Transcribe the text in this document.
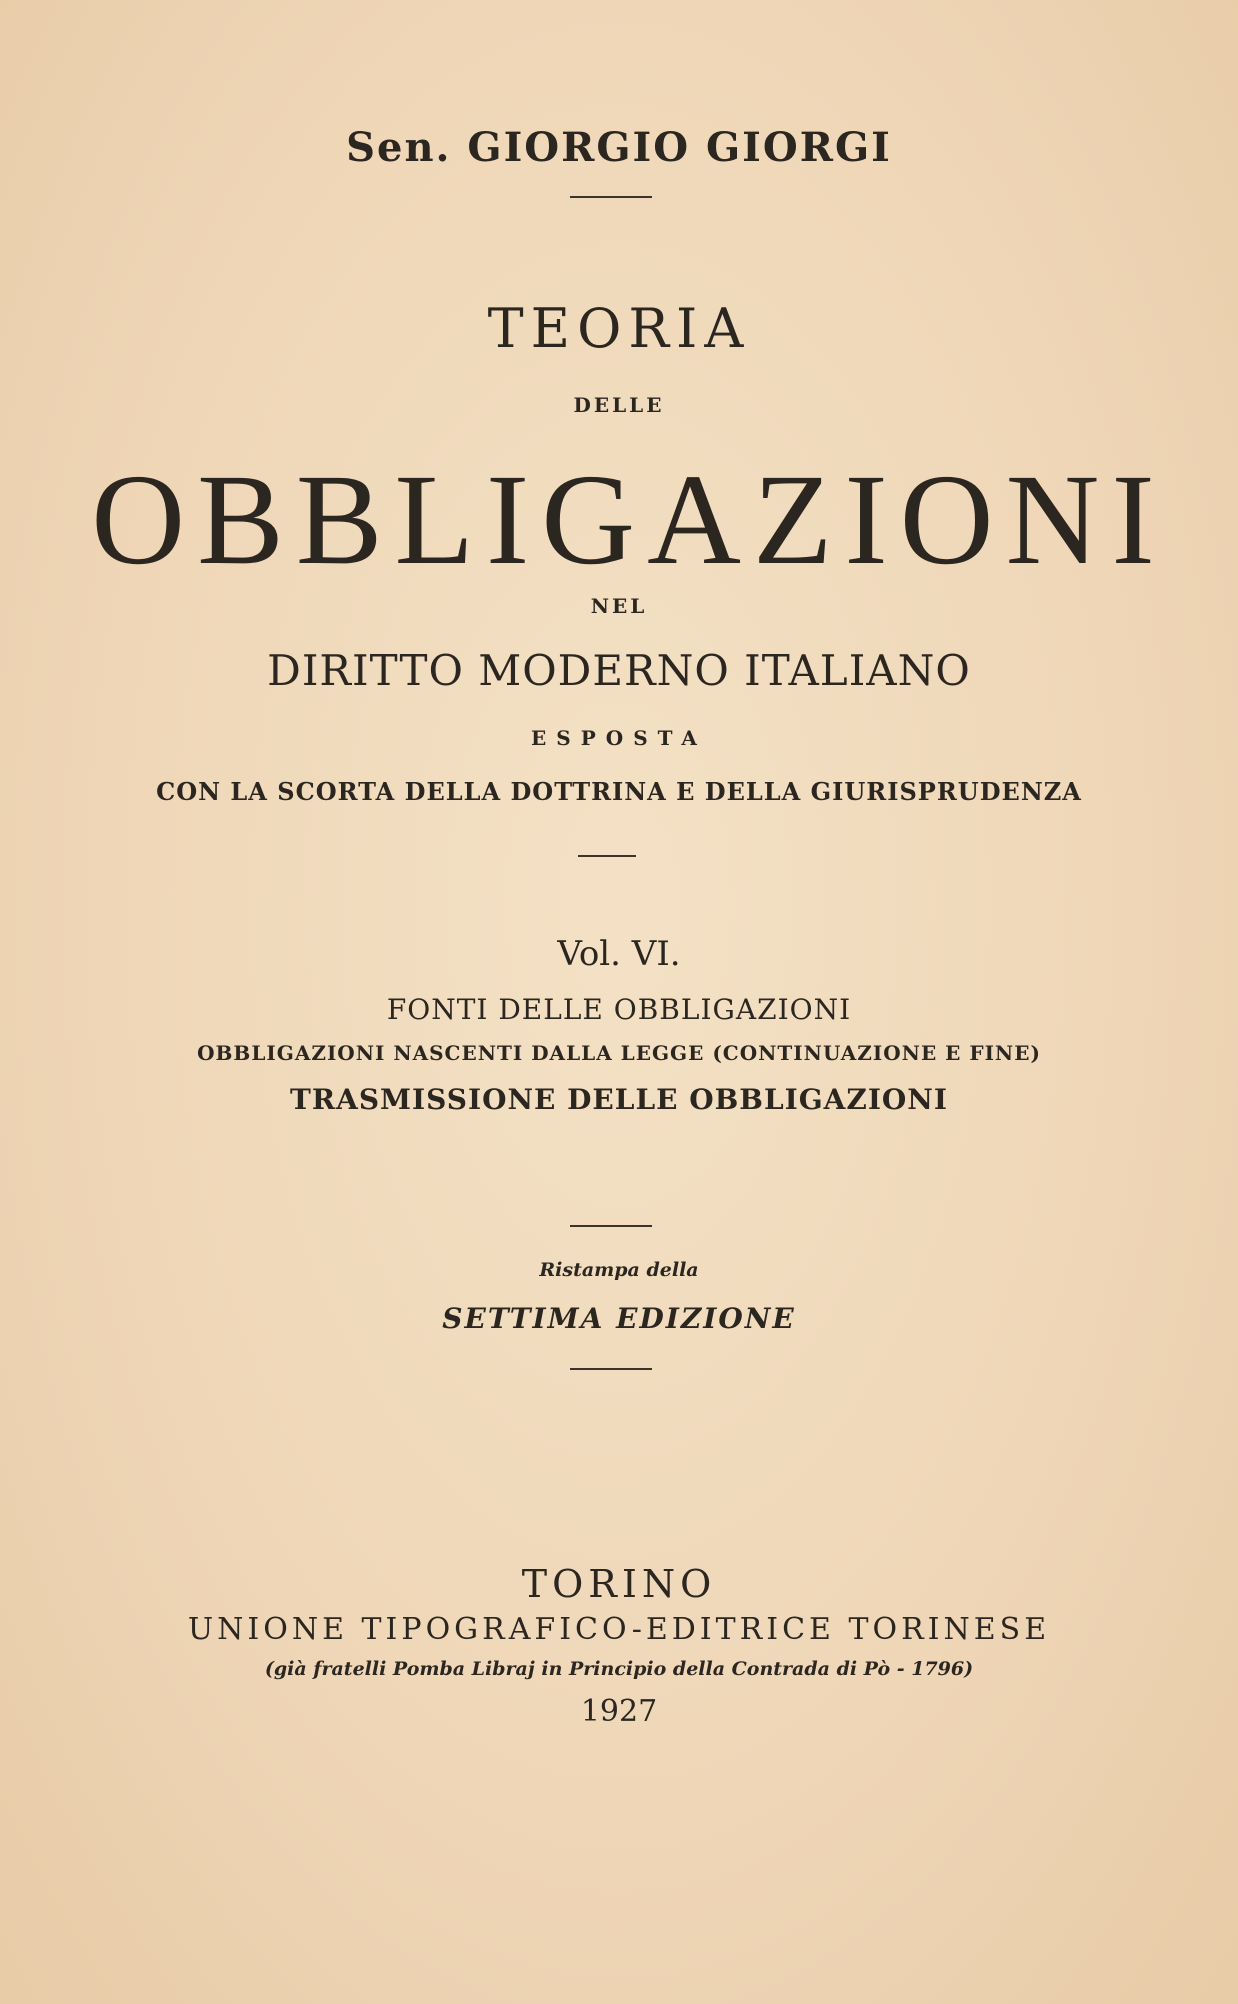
Sen. GIORGIO GIORGI
TEORIA
DELLE
OBBLIGAZIONI
NEL
DIRITTO MODERNO ITALIANO
ESPOSTA
CON LA SCORTA DELLA DOTTRINA E DELLA GIURISPRUDENZA
Vol. VI.
FONTI DELLE OBBLIGAZIONI
OBBLIGAZIONI NASCENTI DALLA LEGGE (CONTINUAZIONE E FINE)
TRASMISSIONE DELLE OBBLIGAZIONI
Ristampa della
SETTIMA EDIZIONE
TORINO
UNIONE TIPOGRAFICO-EDITRICE TORINESE
(già fratelli Pomba Libraj in Principio della Contrada di Pò - 1796)
1927
